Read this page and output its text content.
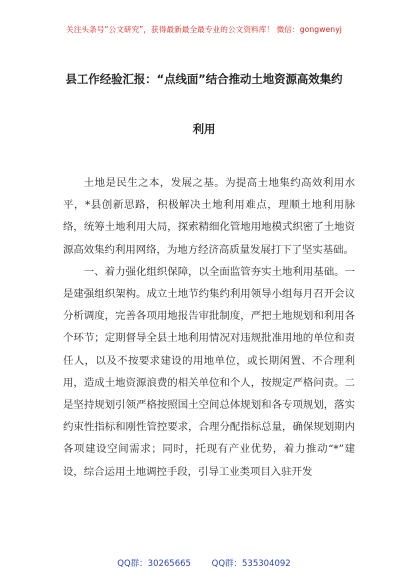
关注头条号“公文研究”，获得最新最全最专业的公文资料库！ 微信：gongwenyj
县工作经验汇报：“点线面”结合推动土地资源高效集约
利用

土地是民生之本，发展之基。为提高土地集约高效利用水平，*县创新思路，积极解决土地利用难点，理顺土地利用脉络，统筹土地利用大局，探索精细化管地用地模式织密了土地资源高效集约利用网络，为地方经济高质量发展打下了坚实基础。

一、着力强化组织保障，以全面监管夯实土地利用基础。一是建强组织架构。成立土地节约集约利用领导小组每月召开会议分析调度，完善各项用地报告审批制度，严把土地规划和利用各个环节；定期督导全县土地利用情况对违规批准用地的单位和责任人，以及不按要求建设的用地单位，或长期闲置、不合理利用，造成土地资源浪费的相关单位和个人，按规定严格问责。二是坚持规划引领严格按照国土空间总体规划和各专项规划，落实约束性指标和刚性管控要求，合理分配指标总量，确保规划期内各项建设空间需求；同时，托现有产业优势，着力推动“*”建设，综合运用土地调控手段，引导工业类项目入驻开发

QQ群：30265665 QQ群：535304092
